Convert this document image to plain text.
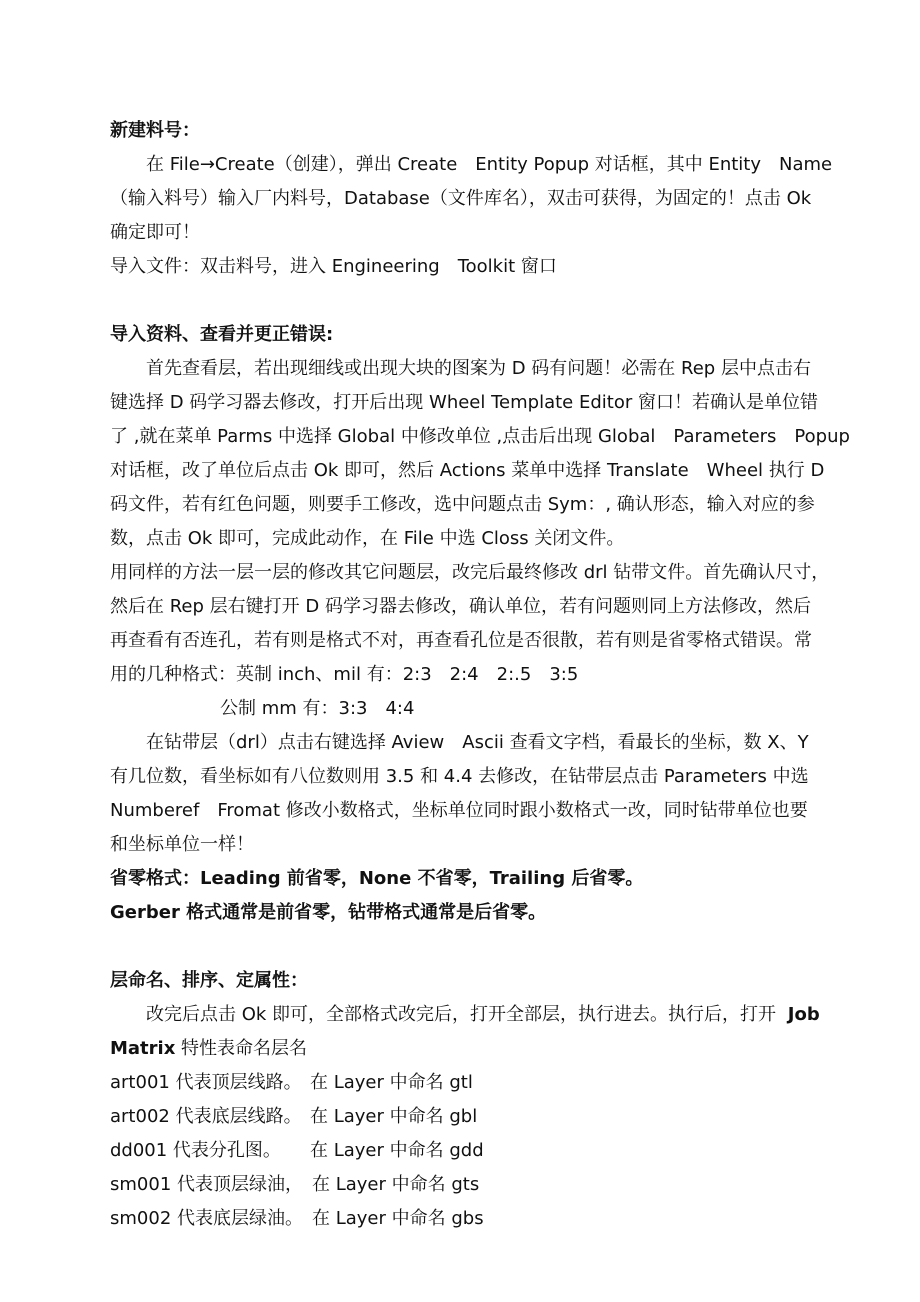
新建料号：
在 File→Create（创建），弹出 Create　Entity Popup 对话框，其中 Entity　Name
（输入料号）输入厂内料号，Database（文件库名），双击可获得，为固定的！点击 Ok
确定即可！
导入文件：双击料号，进入 Engineering　Toolkit 窗口
导入资料、查看并更正错误:
首先查看层，若出现细线或出现大块的图案为 D 码有问题！必需在 Rep 层中点击右
键选择 D 码学习器去修改，打开后出现 Wheel Template Editor 窗口！若确认是单位错
了 ,就在菜单 Parms 中选择 Global 中修改单位 ,点击后出现 Global　Parameters　Popup
对话框，改了单位后点击 Ok 即可，然后 Actions 菜单中选择 Translate　Wheel 执行 D
码文件，若有红色问题，则要手工修改，选中问题点击 Sym：, 确认形态，输入对应的参
数，点击 Ok 即可，完成此动作，在 File 中选 Closs 关闭文件。
用同样的方法一层一层的修改其它问题层，改完后最终修改 drl 钻带文件。首先确认尺寸，
然后在 Rep 层右键打开 D 码学习器去修改，确认单位，若有问题则同上方法修改，然后
再查看有否连孔，若有则是格式不对，再查看孔位是否很散，若有则是省零格式错误。常
用的几种格式：英制 inch、mil 有：2:3　2:4　2:.5　3:5
公制 mm 有：3:3　4:4
在钻带层（drl）点击右键选择 Aview　Ascii 查看文字档，看最长的坐标，数 X、Y
有几位数，看坐标如有八位数则用 3.5 和 4.4 去修改，在钻带层点击 Parameters 中选
Numberef　Fromat 修改小数格式，坐标单位同时跟小数格式一改，同时钻带单位也要
和坐标单位一样！
省零格式：Leading 前省零，None 不省零，Trailing 后省零。
Gerber 格式通常是前省零，钻带格式通常是后省零。
层命名、排序、定属性：
改完后点击 Ok 即可，全部格式改完后，打开全部层，执行进去。执行后，打开 Job
Matrix 特性表命名层名
art001 代表顶层线路。 在 Layer 中命名 gtl
art002 代表底层线路。 在 Layer 中命名 gbl
dd001 代表分孔图。 在 Layer 中命名 gdd
sm001 代表顶层绿油， 在 Layer 中命名 gts
sm002 代表底层绿油。 在 Layer 中命名 gbs
